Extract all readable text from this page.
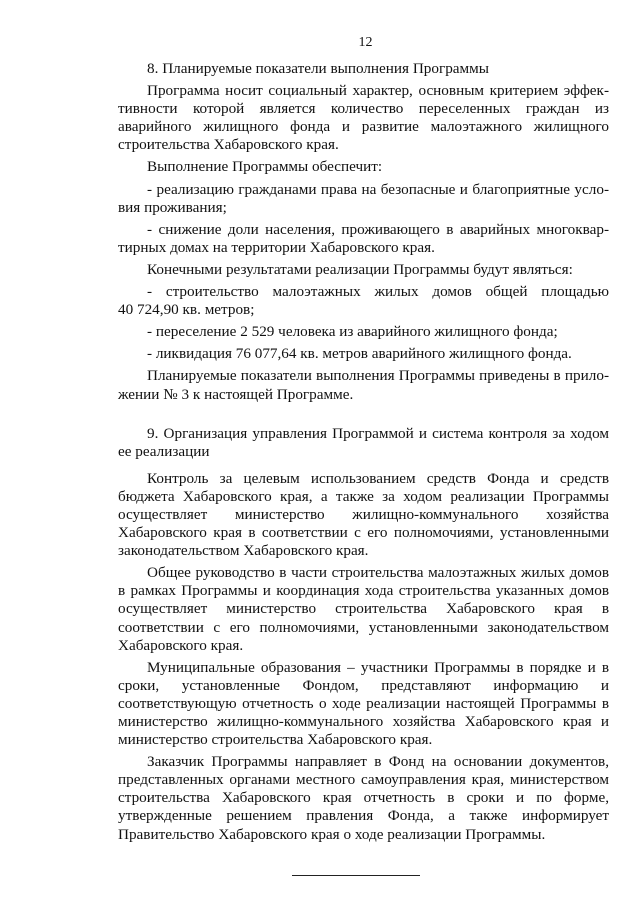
12
8. Планируемые показатели выполнения Программы

Программа носит социальный характер, основным критерием эффективности которой является количество переселенных граждан из аварийного жилищного фонда и развитие малоэтажного жилищного строительства Хабаровского края.

Выполнение Программы обеспечит:

- реализацию гражданами права на безопасные и благоприятные условия проживания;

- снижение доли населения, проживающего в аварийных многоквартирных домах на территории Хабаровского края.

Конечными результатами реализации Программы будут являться:

- строительство малоэтажных жилых домов общей площадью 40 724,90 кв. метров;

- переселение 2 529 человека из аварийного жилищного фонда;

- ликвидация 76 077,64 кв. метров аварийного жилищного фонда.

Планируемые показатели выполнения Программы приведены в приложении № 3 к настоящей Программе.

9. Организация управления Программой и система контроля за ходом ее реализации

Контроль за целевым использованием средств Фонда и средств бюджета Хабаровского края, а также за ходом реализации Программы осуществляет министерство жилищно-коммунального хозяйства Хабаровского края в соответствии с его полномочиями, установленными законодательством Хабаровского края.

Общее руководство в части строительства малоэтажных жилых домов в рамках Программы и координация хода строительства указанных домов осуществляет министерство строительства Хабаровского края в соответствии с его полномочиями, установленными законодательством Хабаровского края.

Муниципальные образования – участники Программы в порядке и в сроки, установленные Фондом, представляют информацию и соответствующую отчетность о ходе реализации настоящей Программы в министерство жилищно-коммунального хозяйства Хабаровского края и министерство строительства Хабаровского края.

Заказчик Программы направляет в Фонд на основании документов, представленных органами местного самоуправления края, министерством строительства Хабаровского края отчетность в сроки и по форме, утвержденные решением правления Фонда, а также информирует Правительство Хабаровского края о ходе реализации Программы.
